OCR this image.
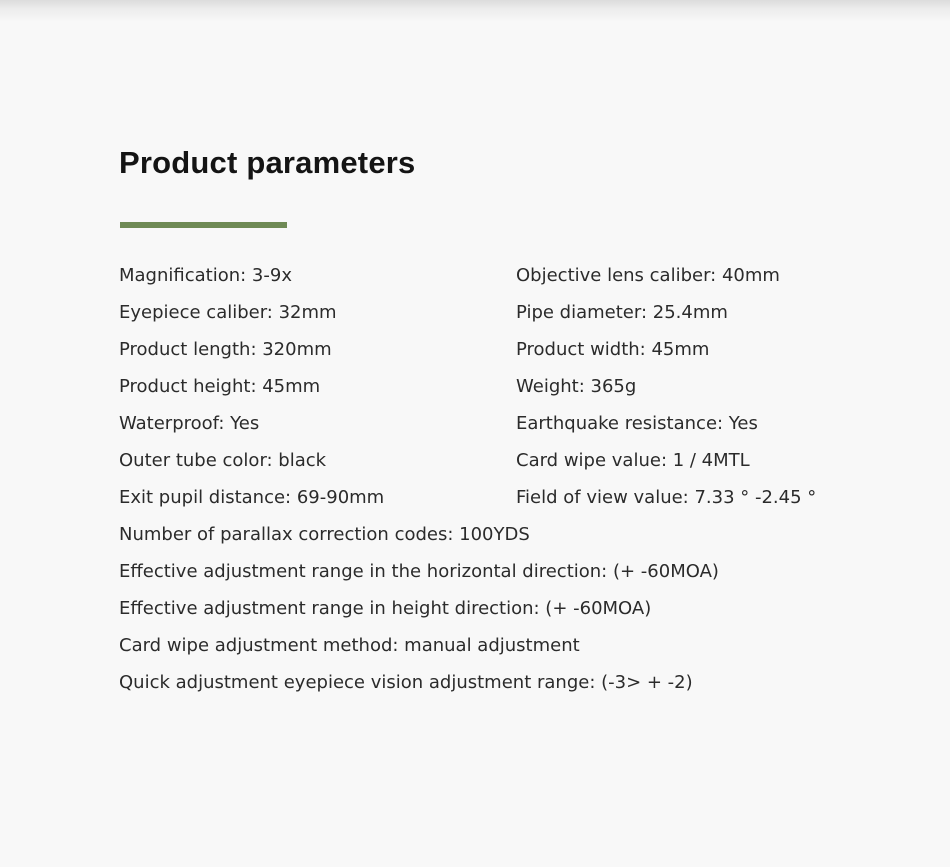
Product parameters
Magnification: 3-9x	Objective lens caliber: 40mm
Eyepiece caliber: 32mm	Pipe diameter: 25.4mm
Product length: 320mm	Product width: 45mm
Product height: 45mm	Weight: 365g
Waterproof: Yes	Earthquake resistance: Yes
Outer tube color: black	Card wipe value: 1 / 4MTL
Exit pupil distance: 69-90mm	Field of view value: 7.33 ° -2.45 °
Number of parallax correction codes: 100YDS
Effective adjustment range in the horizontal direction: (+ -60MOA)
Effective adjustment range in height direction: (+ -60MOA)
Card wipe adjustment method: manual adjustment
Quick adjustment eyepiece vision adjustment range: (-3> + -2)
